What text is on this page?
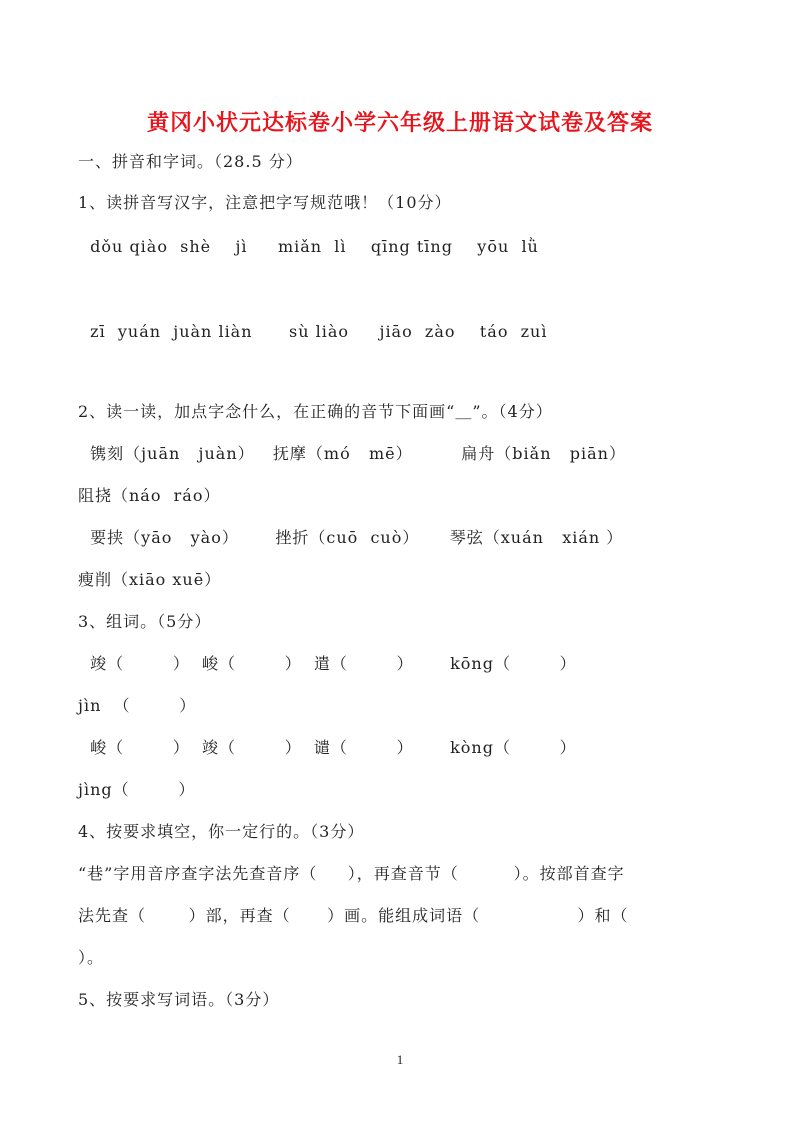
黄冈小状元达标卷小学六年级上册语文试卷及答案
一、拼音和字词。（28.5 分）
1、读拼音写汉字，注意把字写规范哦！（10分）
dǒu qiào  shè    jì     miǎn  lì    qīng tīng    yōu  lǜ
zī  yuán  juàn liàn      sù liào     jiāo  zào    táo  zuì
2、读一读，加点字念什么，在正确的音节下面画“＿”。（4分）
镌刻（juān   juàn）   抚摩（mó   mē）        扁舟（biǎn   piān）
阻挠（náo  ráo）
要挟（yāo   yào）      挫折（cuō  cuò）     琴弦（xuán   xián ）
瘦削（xiāo xuē）
3、组词。（5分）
竣（        ）  峻（        ）  遣（        ）      kōng（        ）
jìn  （        ）
峻（        ）  竣（        ）  谴（        ）      kòng（        ）
jìng（        ）
4、按要求填空，你一定行的。（3分）
“巷”字用音序查字法先查音序（     ），再查音节（         ）。按部首查字
法先查（       ）部，再查（      ）画。能组成词语（                ）和（
）。
5、按要求写词语。（3分）
1
